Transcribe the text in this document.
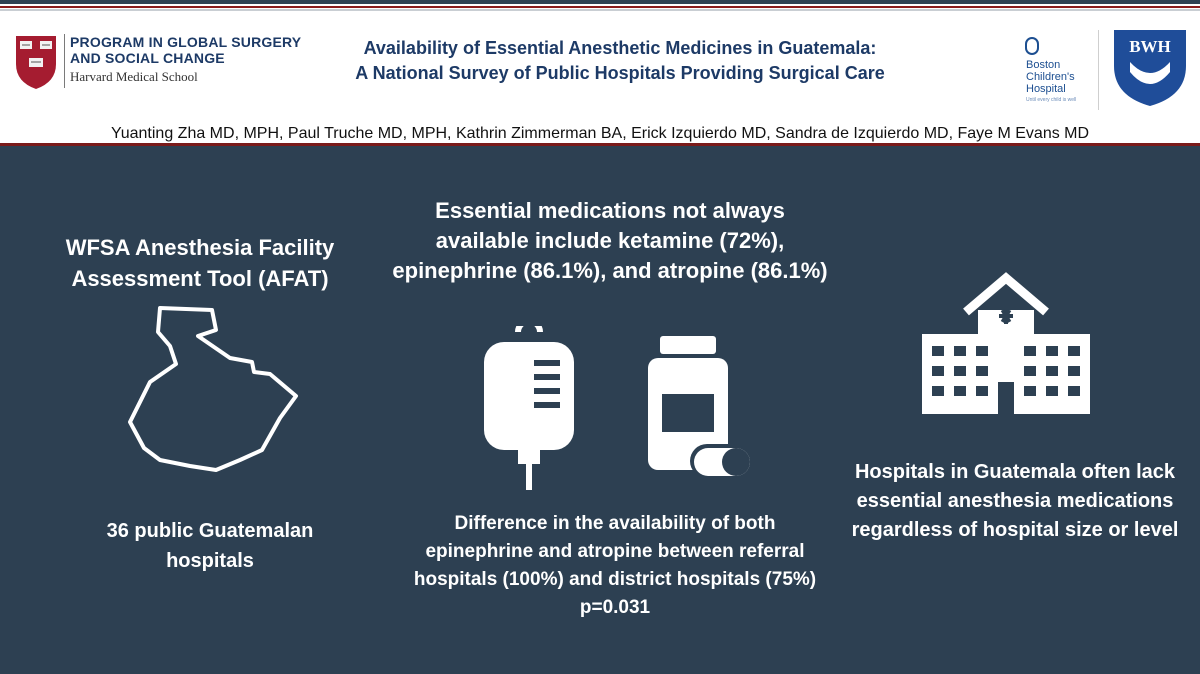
PROGRAM IN GLOBAL SURGERY
AND SOCIAL CHANGE
Harvard Medical School
Availability of Essential Anesthetic Medicines in Guatemala:
A National Survey of Public Hospitals Providing Surgical Care	Boston
Children's
Hospital
Until every child is well
BWH
Yuanting Zha MD, MPH, Paul Truche MD, MPH, Kathrin Zimmerman BA, Erick Izquierdo MD, Sandra de Izquierdo MD, Faye M Evans MD
WFSA Anesthesia Facility Assessment Tool (AFAT)
36 public Guatemalan hospitals
Essential medications not always available include ketamine (72%), epinephrine (86.1%), and atropine (86.1%)
Difference in the availability of both epinephrine and atropine between referral hospitals (100%) and district hospitals (75%)
p=0.031
Hospitals in Guatemala often lack essential anesthesia medications regardless of hospital size or level
